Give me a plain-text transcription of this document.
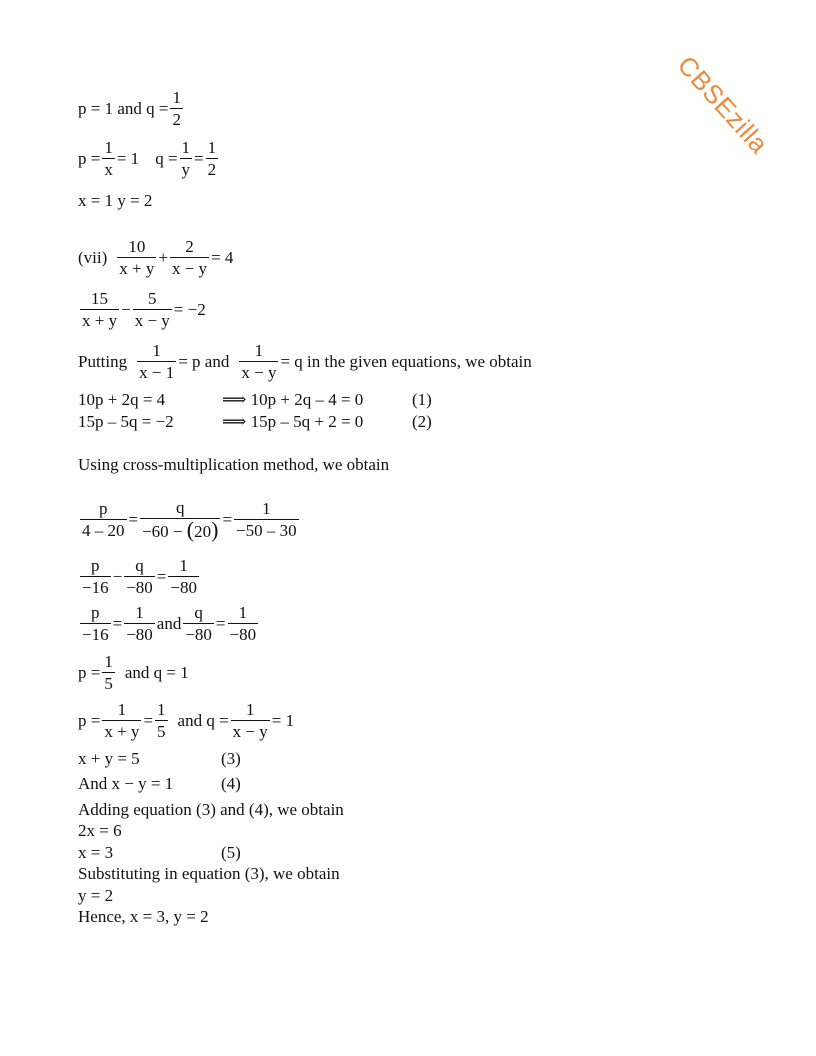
CBSEzilla
p = 1 and $q = \frac{1}{2}$
$p = \frac{1}{x} = 1$ $q = \frac{1}{y} = \frac{1}{2}$
x = 1 y = 2
$(vii) \frac{10}{x + y} + \frac{2}{x - y} = 4$
$\frac{15}{x + y} - \frac{5}{x - y} = -2$
Putting $\frac{1}{x - 1} = p$ and $\frac{1}{x - y} = q$ in the given equations, we obtain
10p + 2q = 4	⟹ 10p + 2q – 4 = 0	(1)
15p – 5q = −2	⟹ 15p – 5q + 2 = 0	(2)
Using cross-multiplication method, we obtain
$\frac{p}{4 - 20} = \frac{q}{-60 - (20)} = \frac{1}{-50 - 30}$
$\frac{p}{-16} - \frac{q}{-80} = \frac{1}{-80}$
$\frac{p}{-16} = \frac{1}{-80}$ and $\frac{q}{-80} = \frac{1}{-80}$
$p = \frac{1}{5}$ and q = 1
$p = \frac{1}{x + y} = \frac{1}{5}$ and $q = \frac{1}{x - y} = 1$
x + y = 5	(3)
And x − y = 1	(4)
Adding equation (3) and (4), we obtain
2x = 6
x = 3	(5)
Substituting in equation (3), we obtain
y = 2
Hence, x = 3, y = 2
